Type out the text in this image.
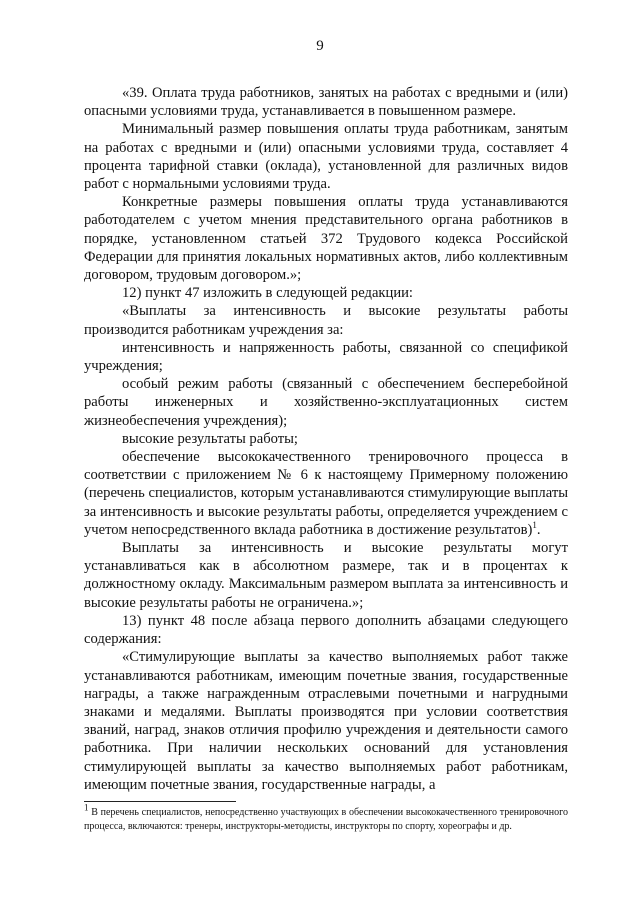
9

«39. Оплата труда работников, занятых на работах с вредными и (или) опасными условиями труда, устанавливается в повышенном размере.

Минимальный размер повышения оплаты труда работникам, занятым на работах с вредными и (или) опасными условиями труда, составляет 4 процента тарифной ставки (оклада), установленной для различных видов работ с нормальными условиями труда.

Конкретные размеры повышения оплаты труда устанавливаются работодателем с учетом мнения представительного органа работников в порядке, установленном статьей 372 Трудового кодекса Российской Федерации для принятия локальных нормативных актов, либо коллективным договором, трудовым договором.»;

12) пункт 47 изложить в следующей редакции:

«Выплаты за интенсивность и высокие результаты работы производится работникам учреждения за:

интенсивность и напряженность работы, связанной со спецификой учреждения;

особый режим работы (связанный с обеспечением бесперебойной работы инженерных и хозяйственно-эксплуатационных систем жизнеобеспечения учреждения);

высокие результаты работы;

обеспечение высококачественного тренировочного процесса в соответствии с приложением № 6 к настоящему Примерному положению (перечень специалистов, которым устанавливаются стимулирующие выплаты за интенсивность и высокие результаты работы, определяется учреждением с учетом непосредственного вклада работника в достижение результатов)$^1$.

Выплаты за интенсивность и высокие результаты могут устанавливаться как в абсолютном размере, так и в процентах к должностному окладу. Максимальным размером выплата за интенсивность и высокие результаты работы не ограничена.»;

13) пункт 48 после абзаца первого дополнить абзацами следующего содержания:

«Стимулирующие выплаты за качество выполняемых работ также устанавливаются работникам, имеющим почетные звания, государственные награды, а также награжденным отраслевыми почетными и нагрудными знаками и медалями. Выплаты производятся при условии соответствия званий, наград, знаков отличия профилю учреждения и деятельности самого работника. При наличии нескольких оснований для установления стимулирующей выплаты за качество выполняемых работ работникам, имеющим почетные звания, государственные награды, а

$^1$ В перечень специалистов, непосредственно участвующих в обеспечении высококачественного тренировочного процесса, включаются: тренеры, инструкторы-методисты, инструкторы по спорту, хореографы и др.
